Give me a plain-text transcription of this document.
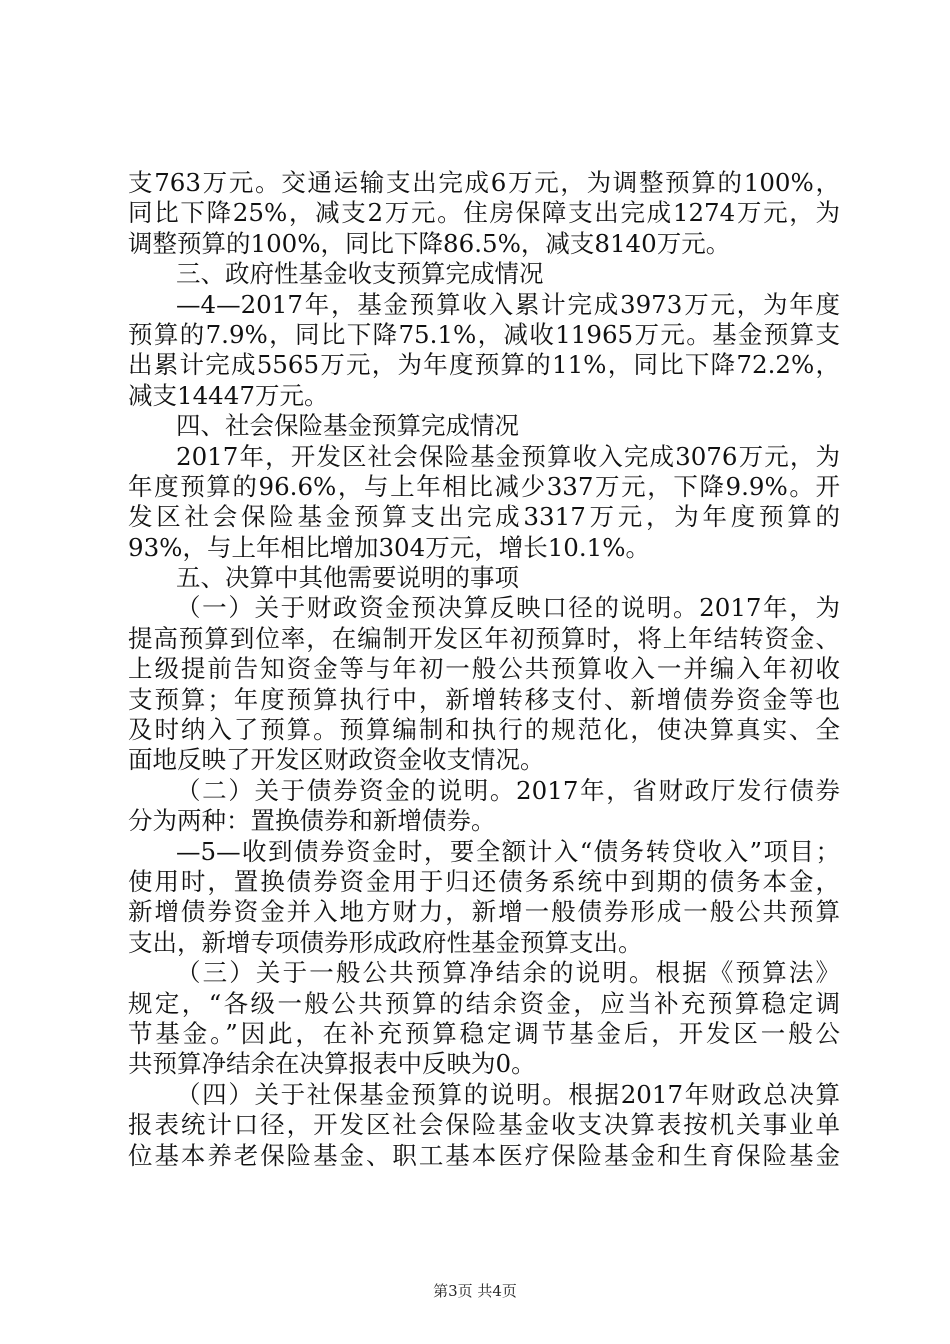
支763万元。交通运输支出完成6万元，为调整预算的100%，
同比下降25%，减支2万元。住房保障支出完成1274万元，为
调整预算的100%，同比下降86.5%，减支8140万元。
三、政府性基金收支预算完成情况
—4—2017年，基金预算收入累计完成3973万元，为年度
预算的7.9%，同比下降75.1%，减收11965万元。基金预算支
出累计完成5565万元，为年度预算的11%，同比下降72.2%，
减支14447万元。
四、社会保险基金预算完成情况
2017年，开发区社会保险基金预算收入完成3076万元，为
年度预算的96.6%，与上年相比减少337万元，下降9.9%。开
发区社会保险基金预算支出完成3317万元，为年度预算的
93%，与上年相比增加304万元，增长10.1%。
五、决算中其他需要说明的事项
（一）关于财政资金预决算反映口径的说明。2017年，为
提高预算到位率，在编制开发区年初预算时，将上年结转资金、
上级提前告知资金等与年初一般公共预算收入一并编入年初收
支预算；年度预算执行中，新增转移支付、新增债券资金等也
及时纳入了预算。预算编制和执行的规范化，使决算真实、全
面地反映了开发区财政资金收支情况。
（二）关于债券资金的说明。2017年，省财政厅发行债券
分为两种：置换债券和新增债券。
—5—收到债券资金时，要全额计入“债务转贷收入”项目；
使用时，置换债券资金用于归还债务系统中到期的债务本金，
新增债券资金并入地方财力，新增一般债券形成一般公共预算
支出，新增专项债券形成政府性基金预算支出。
（三）关于一般公共预算净结余的说明。根据《预算法》
规定，“各级一般公共预算的结余资金，应当补充预算稳定调
节基金。”因此，在补充预算稳定调节基金后，开发区一般公
共预算净结余在决算报表中反映为0。
（四）关于社保基金预算的说明。根据2017年财政总决算
报表统计口径，开发区社会保险基金收支决算表按机关事业单
位基本养老保险基金、职工基本医疗保险基金和生育保险基金
第3页 共4页
